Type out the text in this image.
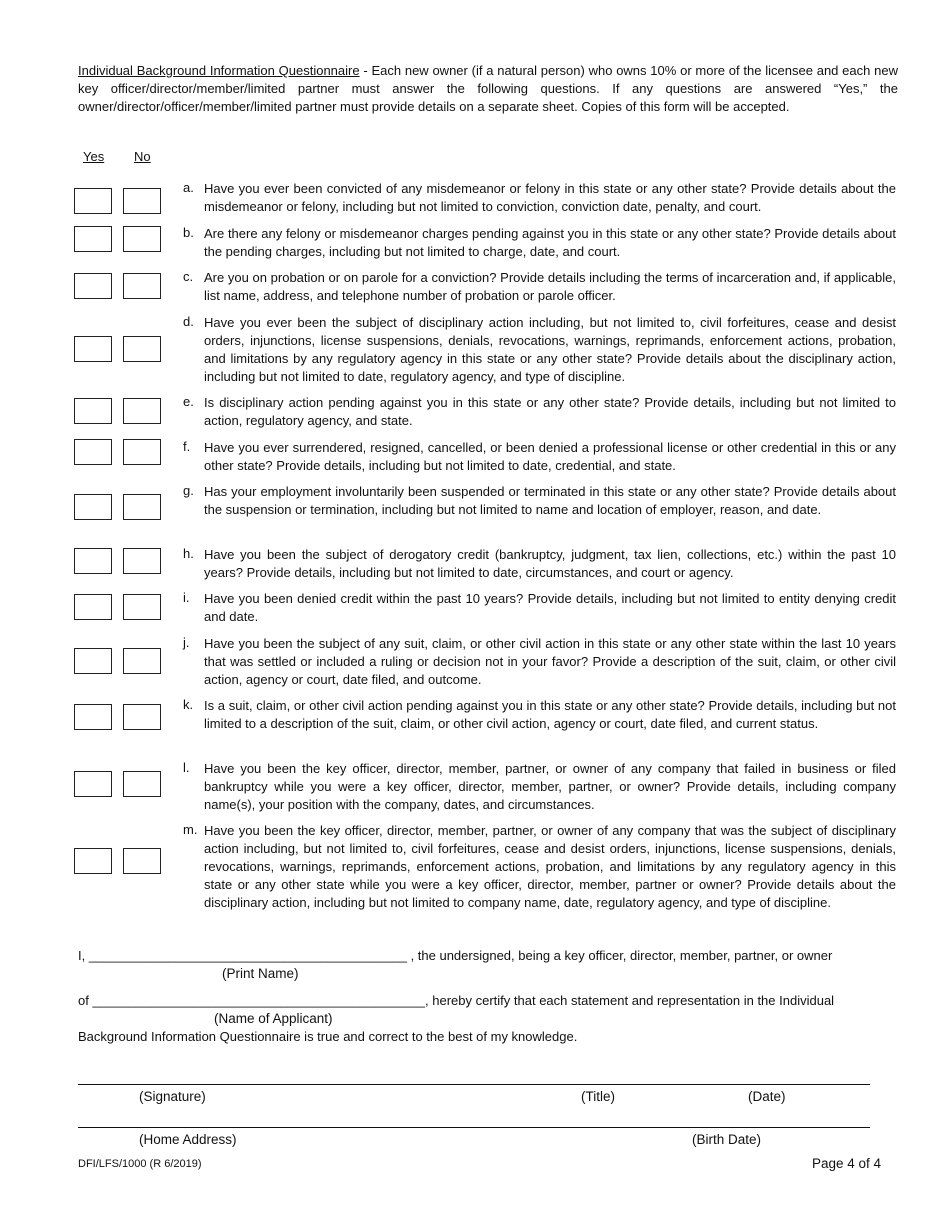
Individual Background Information Questionnaire - Each new owner (if a natural person) who owns 10% or more of the licensee and each new key officer/director/member/limited partner must answer the following questions. If any questions are answered “Yes,” the owner/director/officer/member/limited partner must provide details on a separate sheet. Copies of this form will be accepted.
Yes No
a. Have you ever been convicted of any misdemeanor or felony in this state or any other state? Provide details about the misdemeanor or felony, including but not limited to conviction, conviction date, penalty, and court.
b. Are there any felony or misdemeanor charges pending against you in this state or any other state? Provide details about the pending charges, including but not limited to charge, date, and court.
c. Are you on probation or on parole for a conviction? Provide details including the terms of incarceration and, if applicable, list name, address, and telephone number of probation or parole officer.
d. Have you ever been the subject of disciplinary action including, but not limited to, civil forfeitures, cease and desist orders, injunctions, license suspensions, denials, revocations, warnings, reprimands, enforcement actions, probation, and limitations by any regulatory agency in this state or any other state? Provide details about the disciplinary action, including but not limited to date, regulatory agency, and type of discipline.
e. Is disciplinary action pending against you in this state or any other state? Provide details, including but not limited to action, regulatory agency, and state.
f. Have you ever surrendered, resigned, cancelled, or been denied a professional license or other credential in this or any other state? Provide details, including but not limited to date, credential, and state.
g. Has your employment involuntarily been suspended or terminated in this state or any other state? Provide details about the suspension or termination, including but not limited to name and location of employer, reason, and date.
h. Have you been the subject of derogatory credit (bankruptcy, judgment, tax lien, collections, etc.) within the past 10 years? Provide details, including but not limited to date, circumstances, and court or agency.
i. Have you been denied credit within the past 10 years? Provide details, including but not limited to entity denying credit and date.
j. Have you been the subject of any suit, claim, or other civil action in this state or any other state within the last 10 years that was settled or included a ruling or decision not in your favor? Provide a description of the suit, claim, or other civil action, agency or court, date filed, and outcome.
k. Is a suit, claim, or other civil action pending against you in this state or any other state? Provide details, including but not limited to a description of the suit, claim, or other civil action, agency or court, date filed, and current status.
l. Have you been the key officer, director, member, partner, or owner of any company that failed in business or filed bankruptcy while you were a key officer, director, member, partner, or owner? Provide details, including company name(s), your position with the company, dates, and circumstances.
m. Have you been the key officer, director, member, partner, or owner of any company that was the subject of disciplinary action including, but not limited to, civil forfeitures, cease and desist orders, injunctions, license suspensions, denials, revocations, warnings, reprimands, enforcement actions, probation, and limitations by any regulatory agency in this state or any other state while you were a key officer, director, member, partner or owner? Provide details about the disciplinary action, including but not limited to company name, date, regulatory agency, and type of discipline.
I, ____________________________________________ , the undersigned, being a key officer, director, member, partner, or owner
(Print Name)
of ______________________________________________, hereby certify that each statement and representation in the Individual
(Name of Applicant)
Background Information Questionnaire is true and correct to the best of my knowledge.
(Signature)	(Title)	(Date)
(Home Address)	(Birth Date)
DFI/LFS/1000 (R 6/2019)	Page 4 of 4
